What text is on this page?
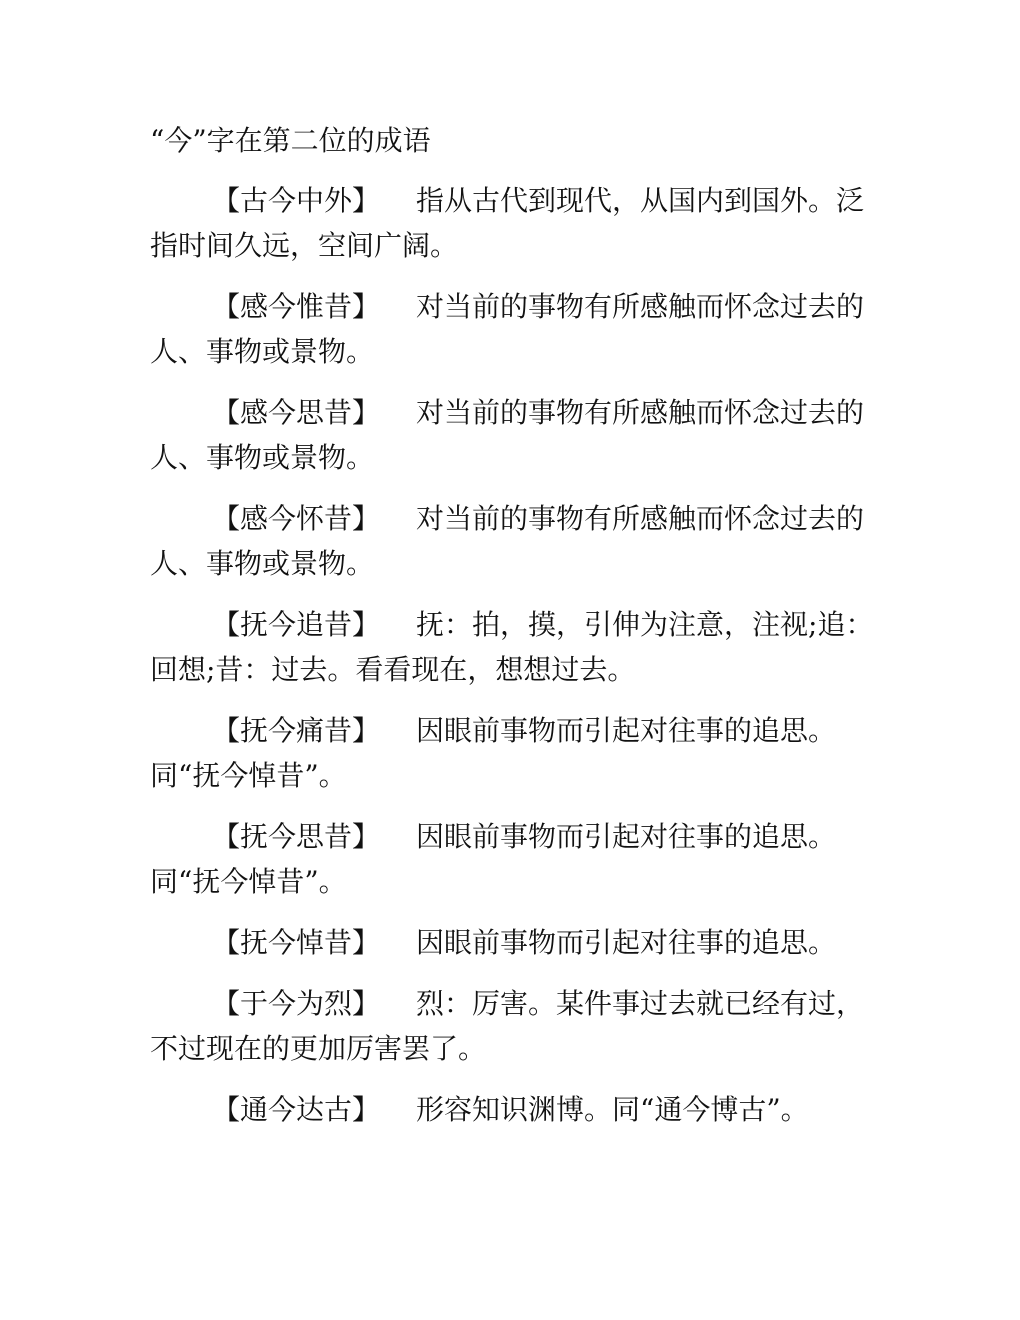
“今”字在第二位的成语

【古今中外】 指从古代到现代，从国内到国外。泛指时间久远，空间广阔。

【感今惟昔】 对当前的事物有所感触而怀念过去的人、事物或景物。

【感今思昔】 对当前的事物有所感触而怀念过去的人、事物或景物。

【感今怀昔】 对当前的事物有所感触而怀念过去的人、事物或景物。

【抚今追昔】 抚：拍，摸，引伸为注意，注视;追：回想;昔：过去。看看现在，想想过去。

【抚今痛昔】 因眼前事物而引起对往事的追思。同“抚今悼昔”。

【抚今思昔】 因眼前事物而引起对往事的追思。同“抚今悼昔”。

【抚今悼昔】 因眼前事物而引起对往事的追思。

【于今为烈】 烈：厉害。某件事过去就已经有过，不过现在的更加厉害罢了。

【通今达古】 形容知识渊博。同“通今博古”。
